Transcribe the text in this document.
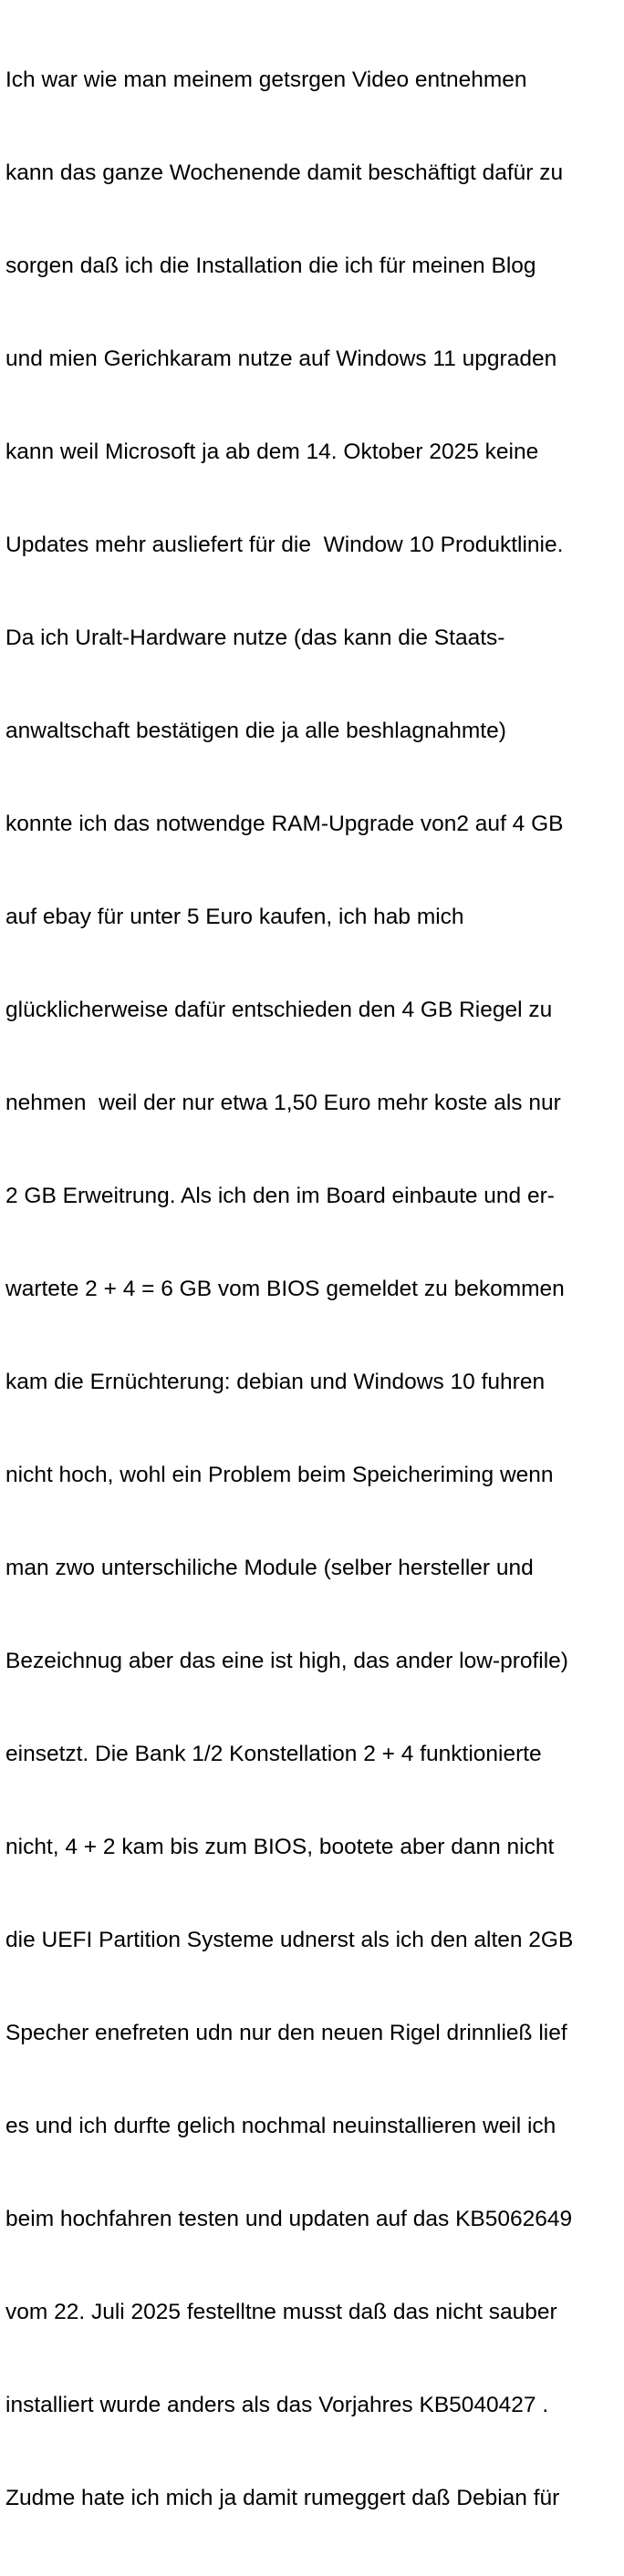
Ich war wie man meinem getsrgen Video entnehmen

kann das ganze Wochenende damit beschäftigt dafür zu

sorgen daß ich die Installation die ich für meinen Blog

und mien Gerichkaram nutze auf Windows 11 upgraden

kann weil Microsoft ja ab dem 14. Oktober 2025 keine

Updates mehr ausliefert für die  Window 10 Produktlinie.

Da ich Uralt-Hardware nutze (das kann die Staats-

anwaltschaft bestätigen die ja alle beshlagnahmte)

konnte ich das notwendge RAM-Upgrade von2 auf 4 GB

auf ebay für unter 5 Euro kaufen, ich hab mich

glücklicherweise dafür entschieden den 4 GB Riegel zu

nehmen  weil der nur etwa 1,50 Euro mehr koste als nur

2 GB Erweitrung. Als ich den im Board einbaute und er-

wartete 2 + 4 = 6 GB vom BIOS gemeldet zu bekommen

kam die Ernüchterung: debian und Windows 10 fuhren

nicht hoch, wohl ein Problem beim Speicheriming wenn

man zwo unterschiliche Module (selber hersteller und

Bezeichnug aber das eine ist high, das ander low-profile)

einsetzt. Die Bank 1/2 Konstellation 2 + 4 funktionierte

nicht, 4 + 2 kam bis zum BIOS, bootete aber dann nicht

die UEFI Partition Systeme udnerst als ich den alten 2GB

Specher enefreten udn nur den neuen Rigel drinnließ lief

es und ich durfte gelich nochmal neuinstallieren weil ich

beim hochfahren testen und updaten auf das KB5062649

vom 22. Juli 2025 festelltne musst daß das nicht sauber

installiert wurde anders als das Vorjahres KB5040427 .

Zudme hate ich mich ja damit rumeggert daß Debian für
